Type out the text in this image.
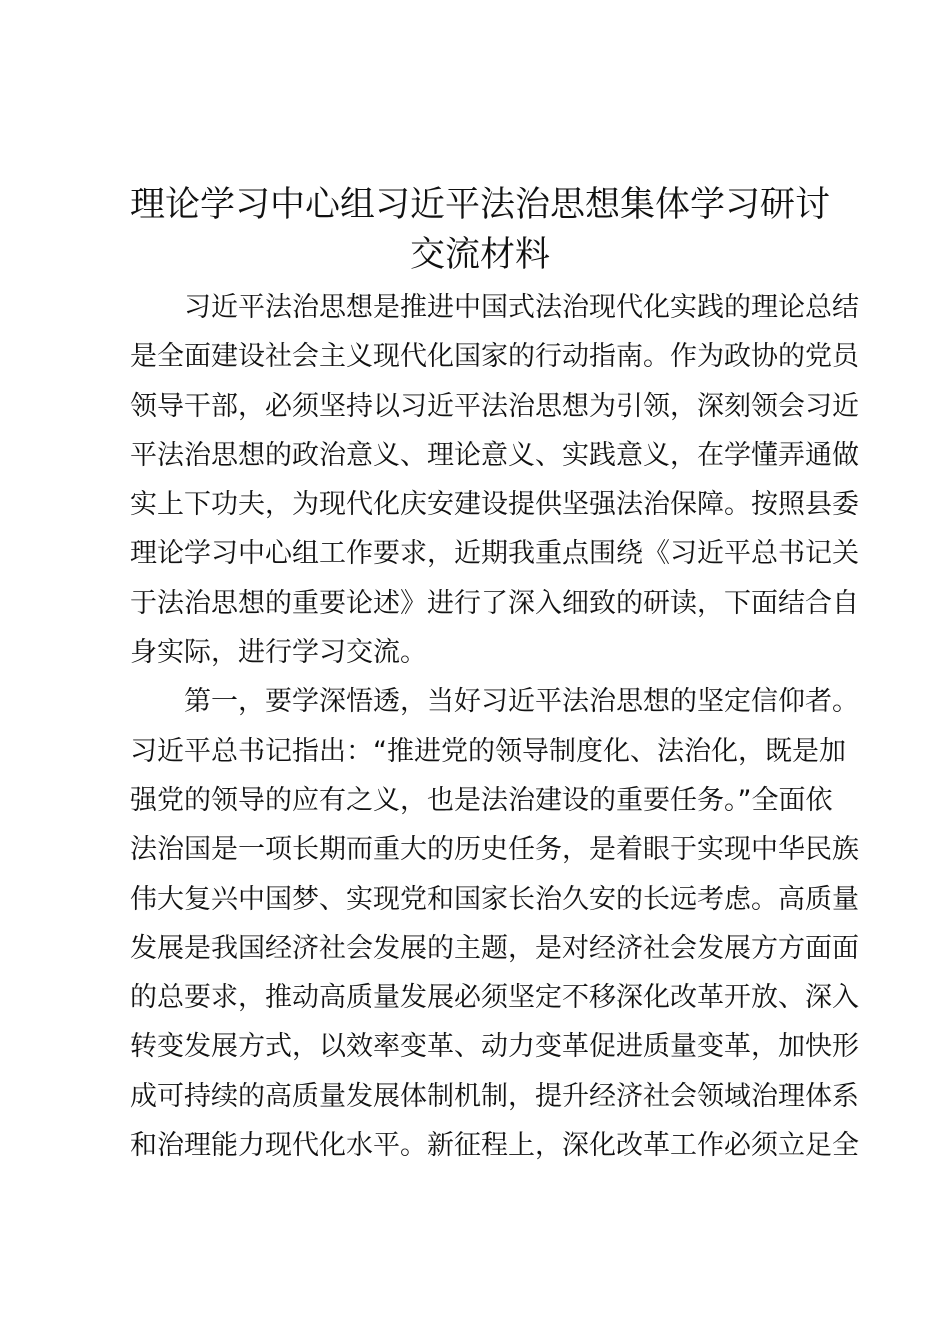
理论学习中心组习近平法治思想集体学习研讨
交流材料
习近平法治思想是推进中国式法治现代化实践的理论总结
是全面建设社会主义现代化国家的行动指南。作为政协的党员
领导干部，必须坚持以习近平法治思想为引领，深刻领会习近
平法治思想的政治意义、理论意义、实践意义，在学懂弄通做
实上下功夫，为现代化庆安建设提供坚强法治保障。按照县委
理论学习中心组工作要求，近期我重点围绕《习近平总书记关
于法治思想的重要论述》进行了深入细致的研读，下面结合自
身实际，进行学习交流。
第一，要学深悟透，当好习近平法治思想的坚定信仰者。
习近平总书记指出：“推进党的领导制度化、法治化，既是加
强党的领导的应有之义，也是法治建设的重要任务。”全面依
法治国是一项长期而重大的历史任务，是着眼于实现中华民族
伟大复兴中国梦、实现党和国家长治久安的长远考虑。高质量
发展是我国经济社会发展的主题，是对经济社会发展方方面面
的总要求，推动高质量发展必须坚定不移深化改革开放、深入
转变发展方式，以效率变革、动力变革促进质量变革，加快形
成可持续的高质量发展体制机制，提升经济社会领域治理体系
和治理能力现代化水平。新征程上，深化改革工作必须立足全
